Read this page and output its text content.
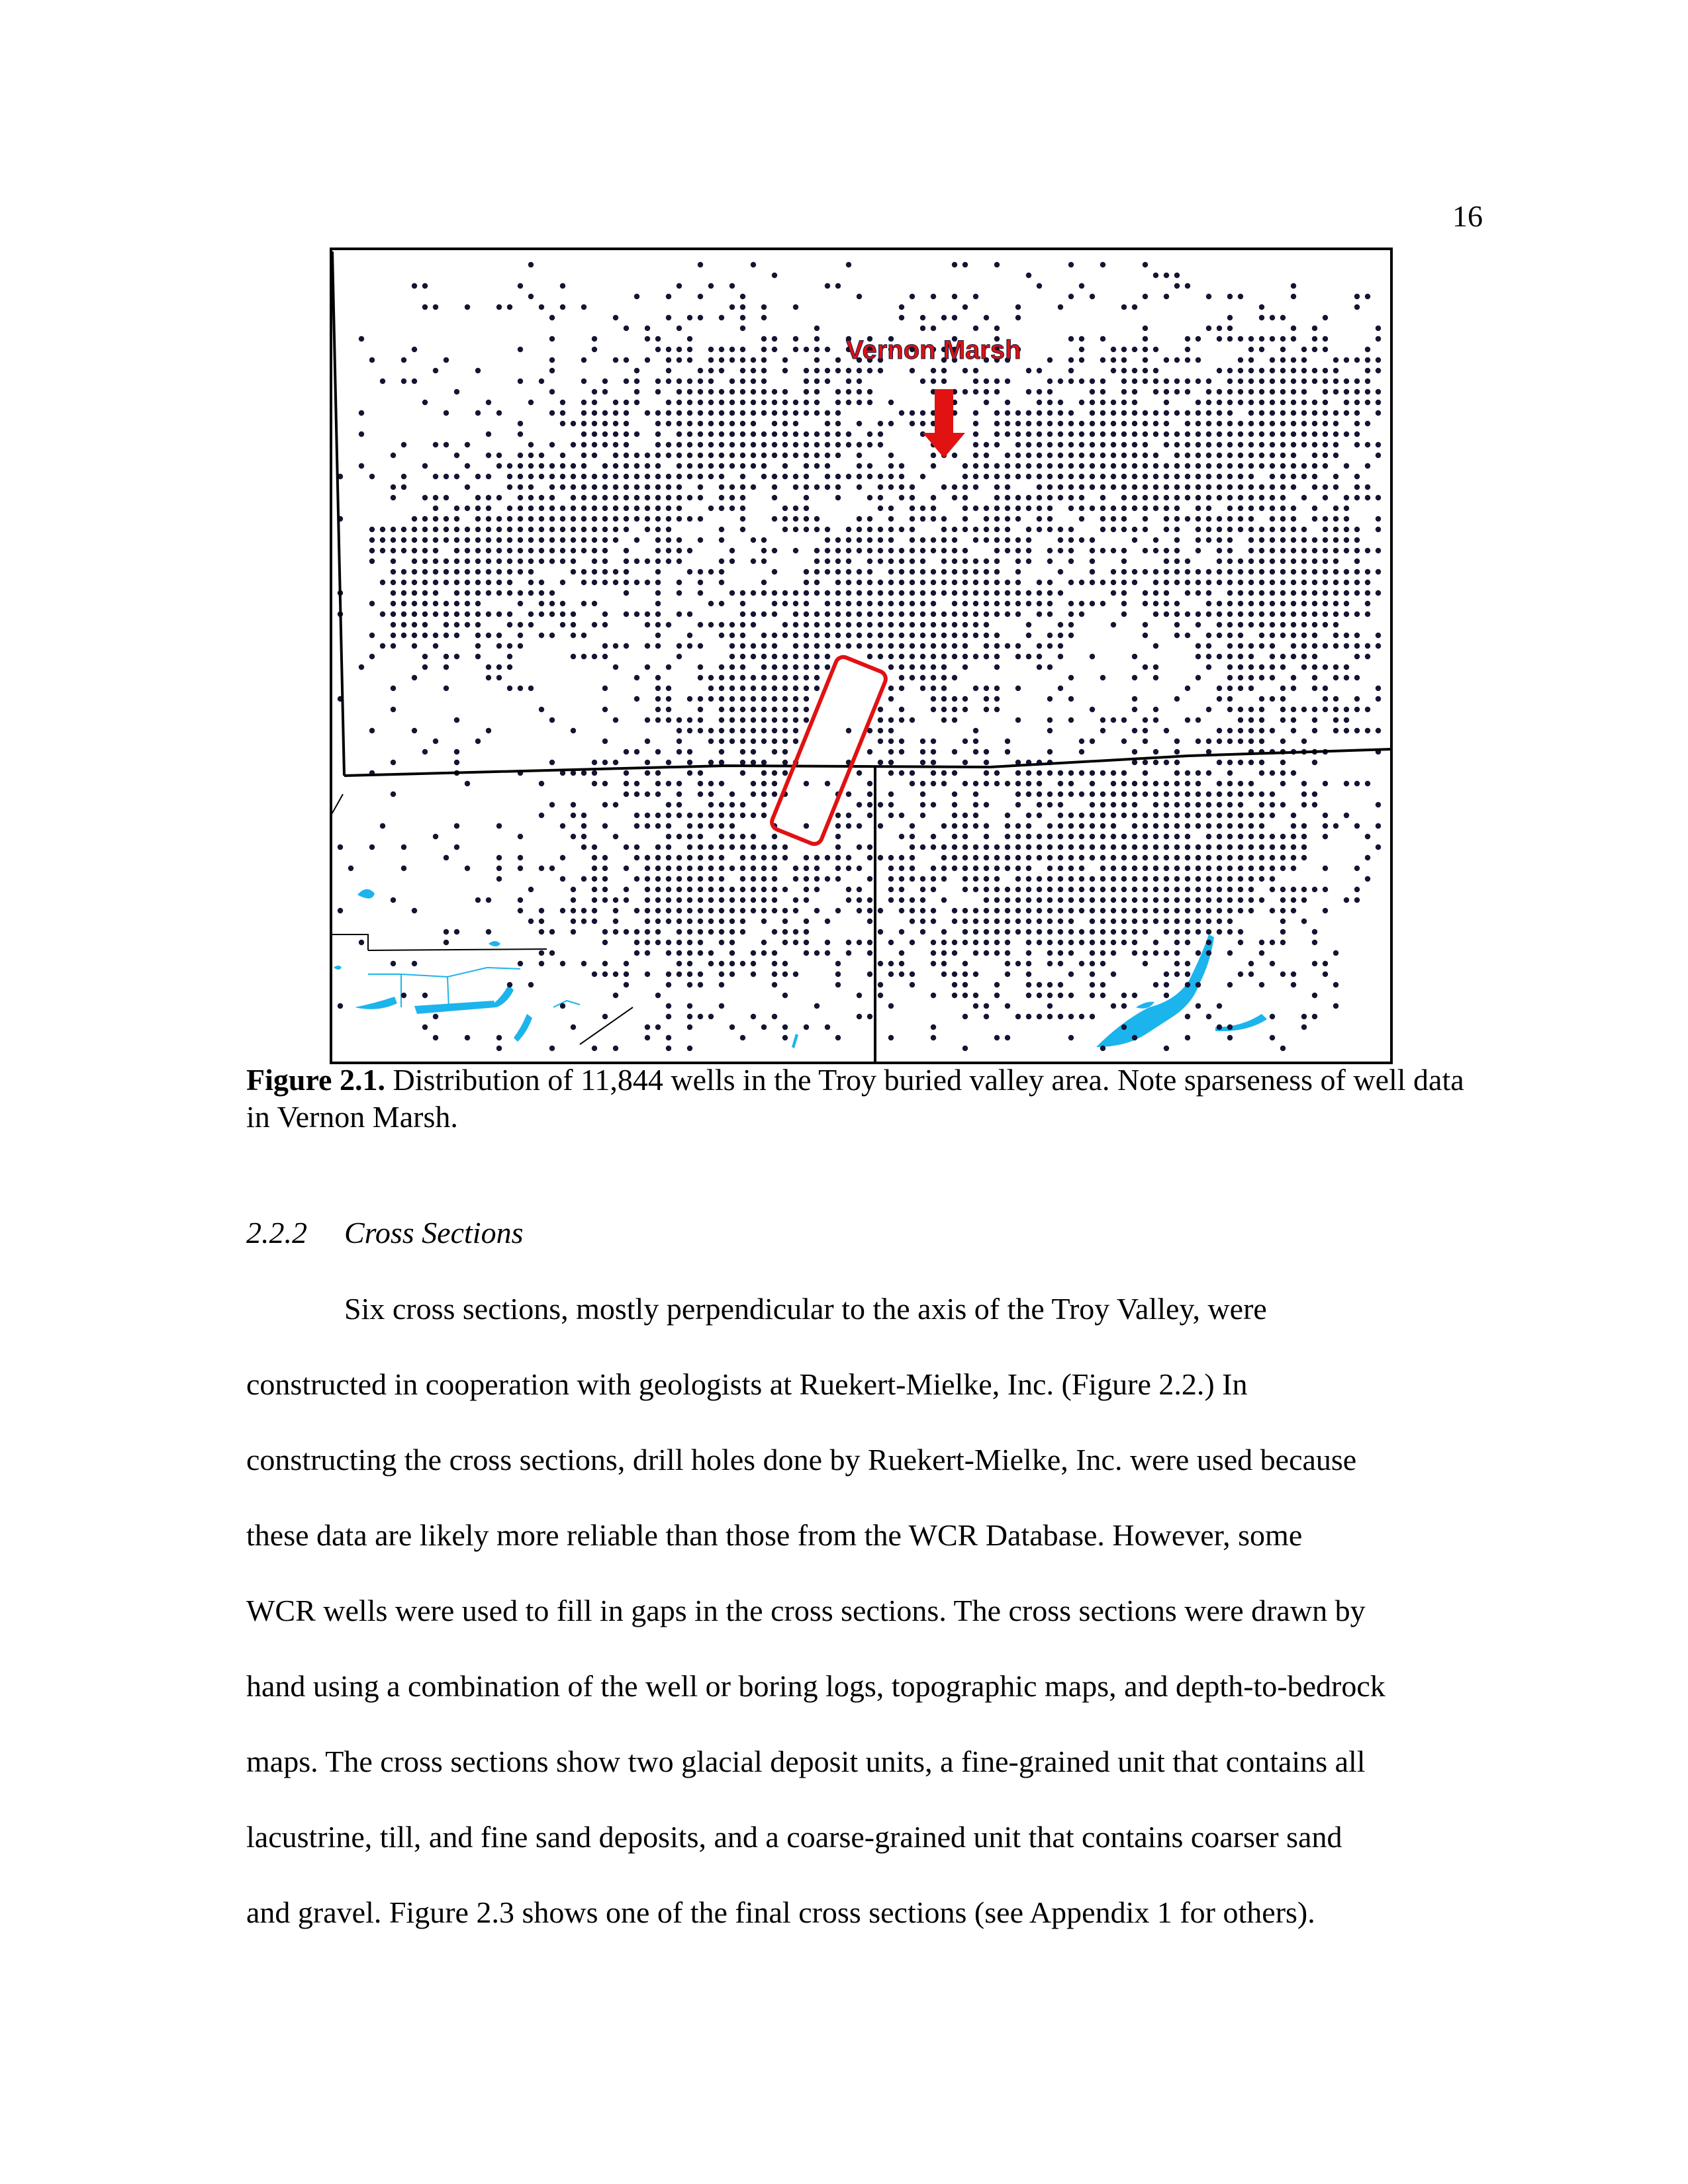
16
Vernon Marsh
Figure 2.1. Distribution of 11,844 wells in the Troy buried valley area. Note sparseness of well data in Vernon Marsh.
2.2.2 Cross Sections
Six cross sections, mostly perpendicular to the axis of the Troy Valley, were
constructed in cooperation with geologists at Ruekert-Mielke, Inc. (Figure 2.2.) In
constructing the cross sections, drill holes done by Ruekert-Mielke, Inc. were used because
these data are likely more reliable than those from the WCR Database. However, some
WCR wells were used to fill in gaps in the cross sections. The cross sections were drawn by
hand using a combination of the well or boring logs, topographic maps, and depth-to-bedrock
maps. The cross sections show two glacial deposit units, a fine-grained unit that contains all
lacustrine, till, and fine sand deposits, and a coarse-grained unit that contains coarser sand
and gravel. Figure 2.3 shows one of the final cross sections (see Appendix 1 for others).
